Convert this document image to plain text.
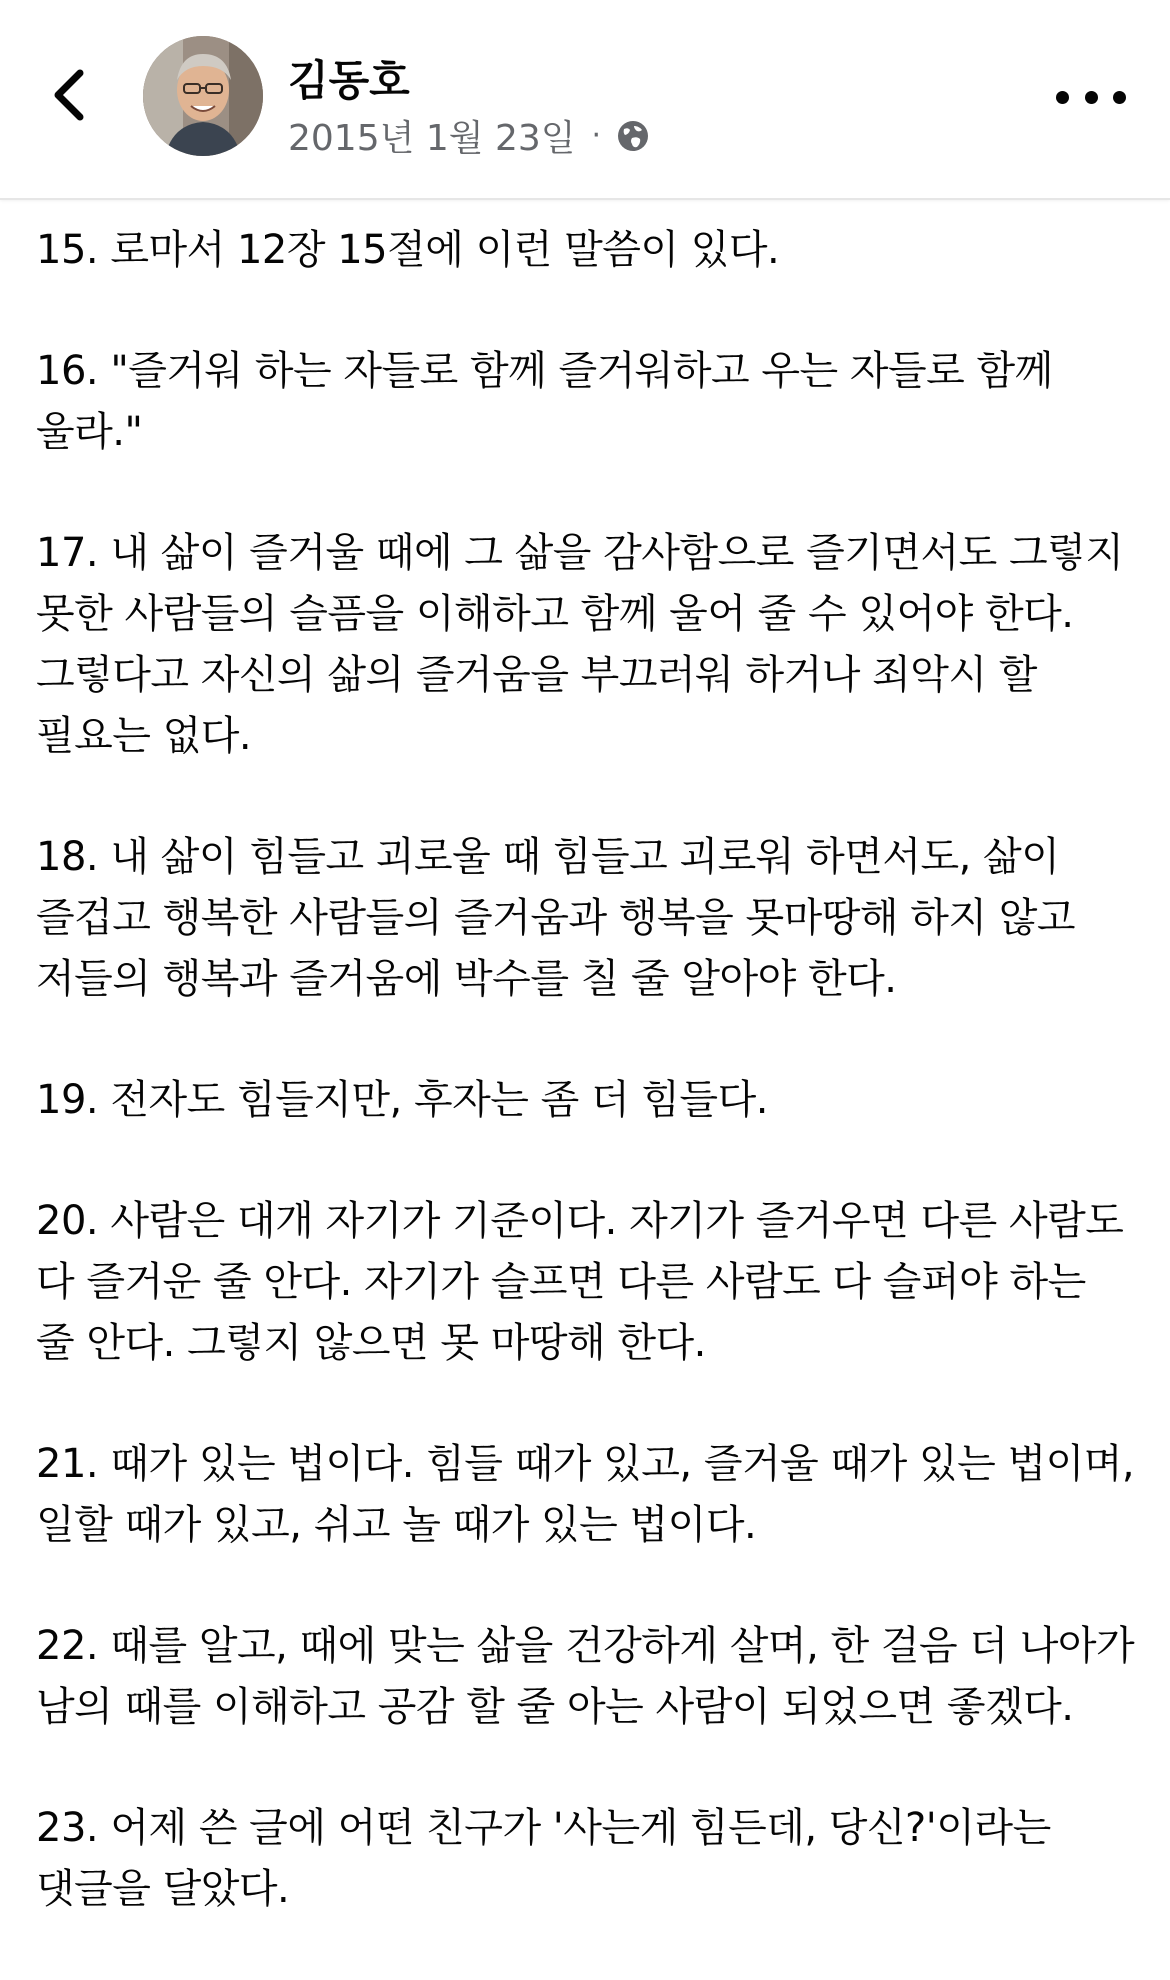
김동호
2015년 1월 23일 ·

15. 로마서 12장 15절에 이런 말씀이 있다.

16. "즐거워 하는 자들로 함께 즐거워하고 우는 자들로 함께 울라."

17. 내 삶이 즐거울 때에 그 삶을 감사함으로 즐기면서도 그렇지 못한 사람들의 슬픔을 이해하고 함께 울어 줄 수 있어야 한다. 그렇다고 자신의 삶의 즐거움을 부끄러워 하거나 죄악시 할 필요는 없다.

18. 내 삶이 힘들고 괴로울 때 힘들고 괴로워 하면서도, 삶이 즐겁고 행복한 사람들의 즐거움과 행복을 못마땅해 하지 않고 저들의 행복과 즐거움에 박수를 칠 줄 알아야 한다.

19. 전자도 힘들지만, 후자는 좀 더 힘들다.

20. 사람은 대개 자기가 기준이다. 자기가 즐거우면 다른 사람도 다 즐거운 줄 안다. 자기가 슬프면 다른 사람도 다 슬퍼야 하는 줄 안다. 그렇지 않으면 못 마땅해 한다.

21. 때가 있는 법이다. 힘들 때가 있고, 즐거울 때가 있는 법이며, 일할 때가 있고, 쉬고 놀 때가 있는 법이다.

22. 때를 알고, 때에 맞는 삶을 건강하게 살며, 한 걸음 더 나아가 남의 때를 이해하고 공감 할 줄 아는 사람이 되었으면 좋겠다.

23. 어제 쓴 글에 어떤 친구가 '사는게 힘든데, 당신?'이라는 댓글을 달았다.
